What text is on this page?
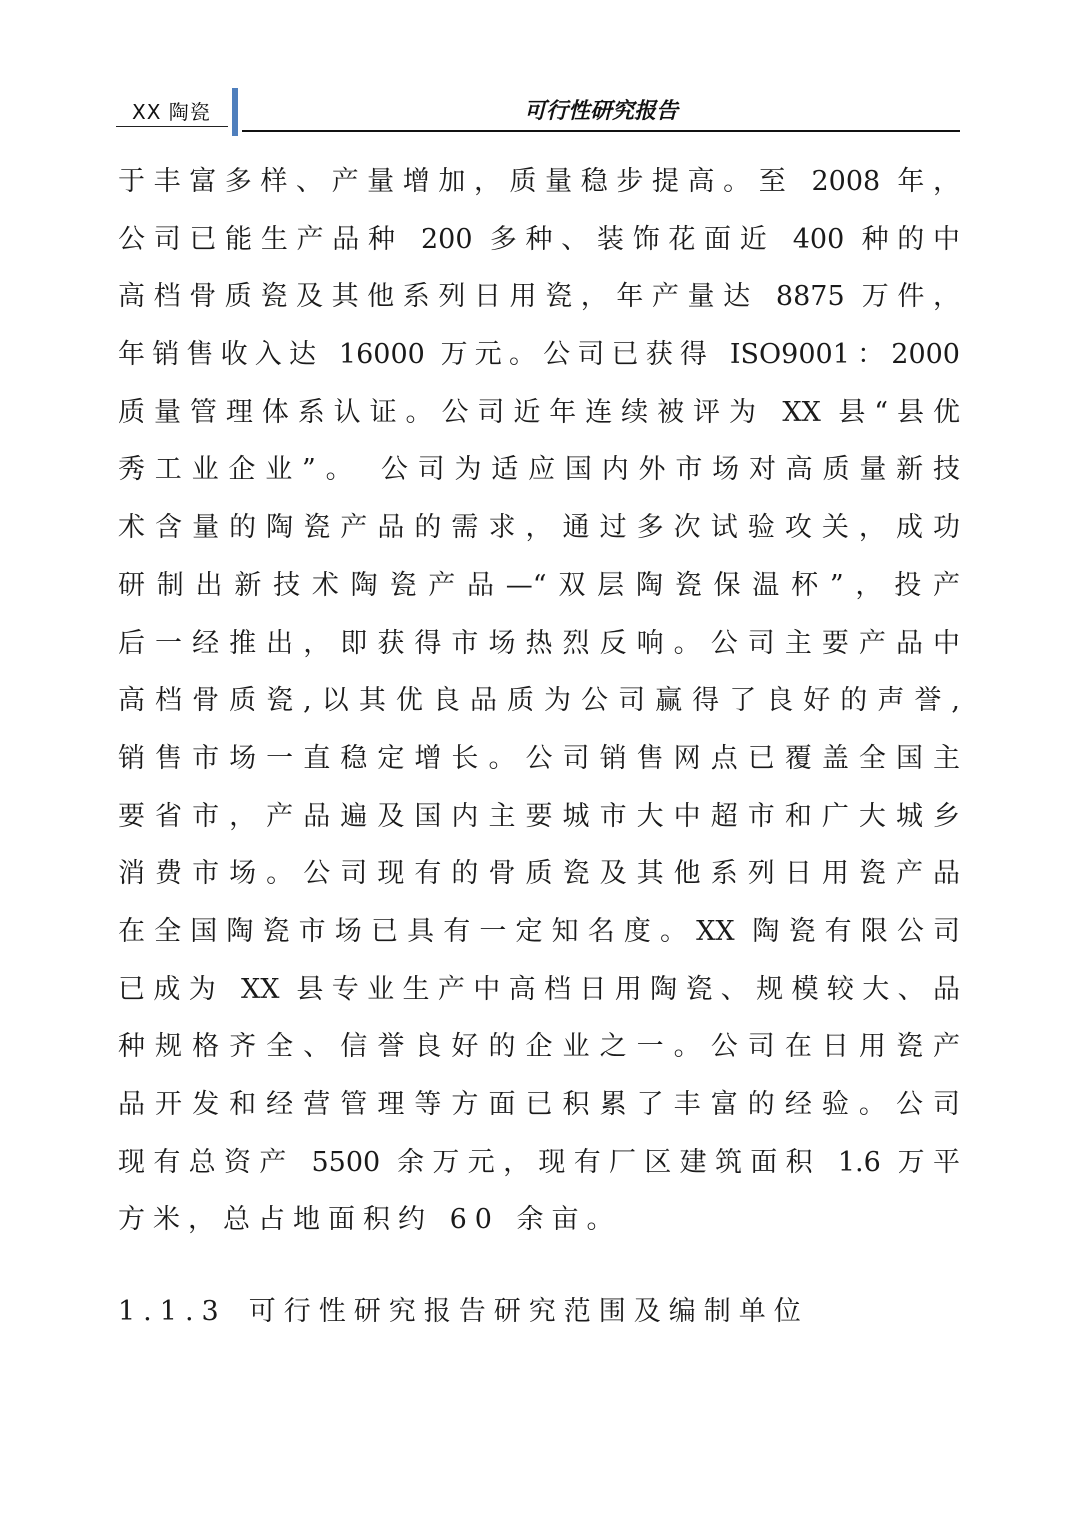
XX 陶瓷	可行性研究报告
于丰富多样、产量增加，质量稳步提高。至 2008 年，
公司已能生产品种 200 多种、装饰花面近 400 种的中
高档骨质瓷及其他系列日用瓷，年产量达 8875 万件，
年销售收入达 16000 万元。公司已获得 ISO9001：2000
质量管理体系认证。公司近年连续被评为 XX 县“县优
秀工业企业”。 公司为适应国内外市场对高质量新技
术含量的陶瓷产品的需求，通过多次试验攻关，成功
研制出新技术陶瓷产品—“双层陶瓷保温杯”，投产
后一经推出，即获得市场热烈反响。公司主要产品中
高档骨质瓷,以其优良品质为公司赢得了良好的声誉,
销售市场一直稳定增长。公司销售网点已覆盖全国主
要省市，产品遍及国内主要城市大中超市和广大城乡
消费市场。公司现有的骨质瓷及其他系列日用瓷产品
在全国陶瓷市场已具有一定知名度。XX 陶瓷有限公司
已成为 XX 县专业生产中高档日用陶瓷、规模较大、品
种规格齐全、信誉良好的企业之一。公司在日用瓷产
品开发和经营管理等方面已积累了丰富的经验。公司
现有总资产 5500 余万元，现有厂区建筑面积 1.6 万平
方米，总占地面积约 60 余亩。
1.1.3 可行性研究报告研究范围及编制单位
